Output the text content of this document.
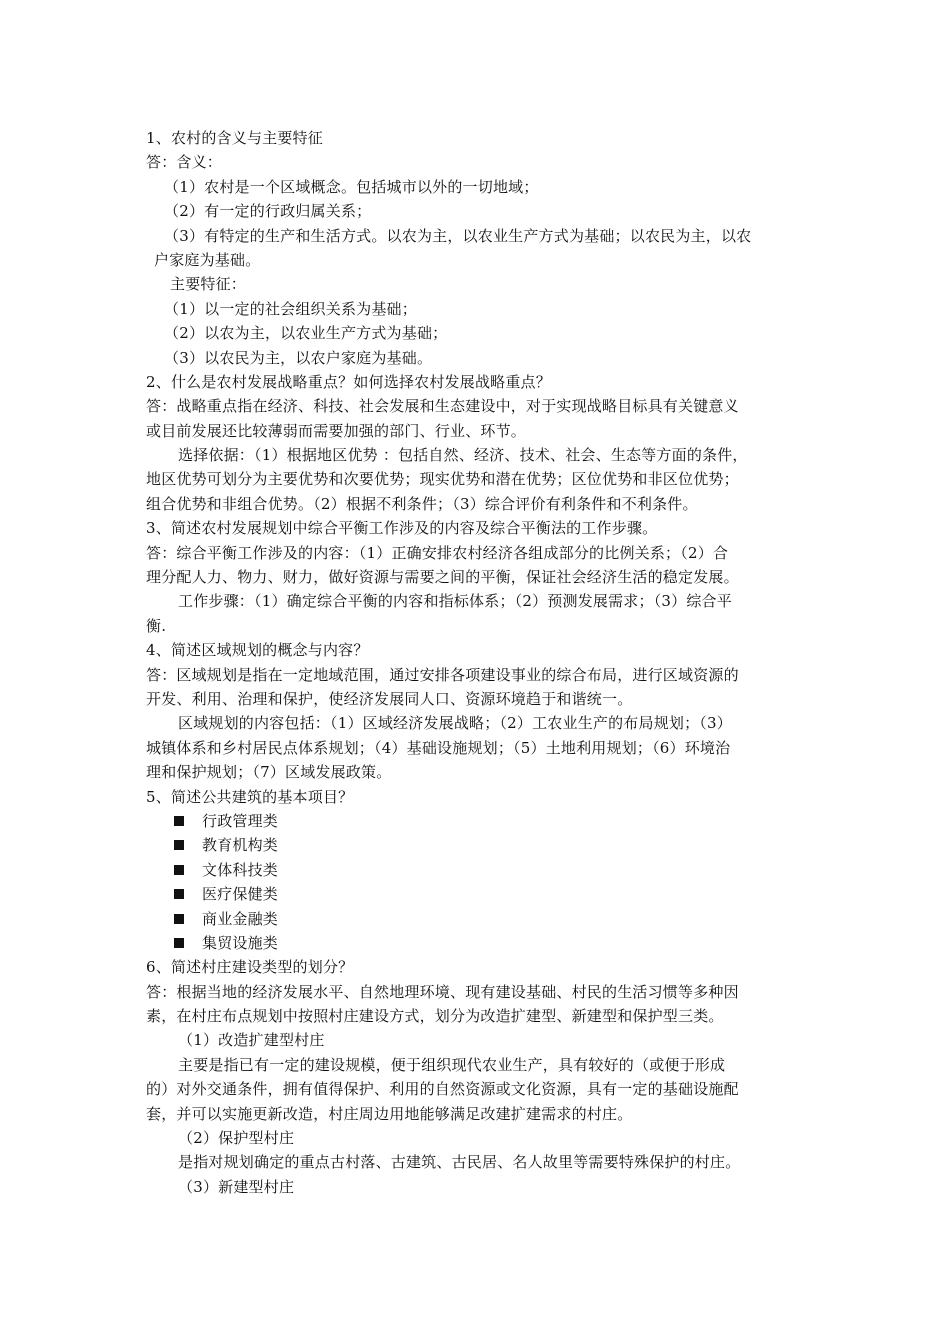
1、农村的含义与主要特征
答：含义：
（1）农村是一个区域概念。包括城市以外的一切地域；
（2）有一定的行政归属关系；
（3）有特定的生产和生活方式。以农为主，以农业生产方式为基础；以农民为主，以农
户家庭为基础。
主要特征：
（1）以一定的社会组织关系为基础；
（2）以农为主，以农业生产方式为基础；
（3）以农民为主，以农户家庭为基础。
2、什么是农村发展战略重点？如何选择农村发展战略重点？
答：战略重点指在经济、科技、社会发展和生态建设中，对于实现战略目标具有关键意义
或目前发展还比较薄弱而需要加强的部门、行业、环节。
选择依据：（1）根据地区优势 ：包括自然、经济、技术、社会、生态等方面的条件，
地区优势可划分为主要优势和次要优势；现实优势和潜在优势；区位优势和非区位优势；
组合优势和非组合优势。（2）根据不利条件；（3）综合评价有利条件和不利条件。
3、简述农村发展规划中综合平衡工作涉及的内容及综合平衡法的工作步骤。
答：综合平衡工作涉及的内容：（1）正确安排农村经济各组成部分的比例关系；（2）合
理分配人力、物力、财力，做好资源与需要之间的平衡，保证社会经济生活的稳定发展。
工作步骤：（1）确定综合平衡的内容和指标体系；（2）预测发展需求；（3）综合平
衡.
4、简述区域规划的概念与内容？
答：区域规划是指在一定地域范围，通过安排各项建设事业的综合布局，进行区域资源的
开发、利用、治理和保护，使经济发展同人口、资源环境趋于和谐统一。
区域规划的内容包括：（1）区域经济发展战略；（2）工农业生产的布局规划；（3）
城镇体系和乡村居民点体系规划；（4）基础设施规划；（5）土地利用规划；（6）环境治
理和保护规划；（7）区域发展政策。
5、简述公共建筑的基本项目？
行政管理类
教育机构类
文体科技类
医疗保健类
商业金融类
集贸设施类
6、简述村庄建设类型的划分？
答：根据当地的经济发展水平、自然地理环境、现有建设基础、村民的生活习惯等多种因
素，在村庄布点规划中按照村庄建设方式，划分为改造扩建型、新建型和保护型三类。
（1）改造扩建型村庄
主要是指已有一定的建设规模，便于组织现代农业生产，具有较好的（或便于形成
的）对外交通条件，拥有值得保护、利用的自然资源或文化资源，具有一定的基础设施配
套，并可以实施更新改造，村庄周边用地能够满足改建扩建需求的村庄。
（2）保护型村庄
是指对规划确定的重点古村落、古建筑、古民居、名人故里等需要特殊保护的村庄。
（3）新建型村庄
